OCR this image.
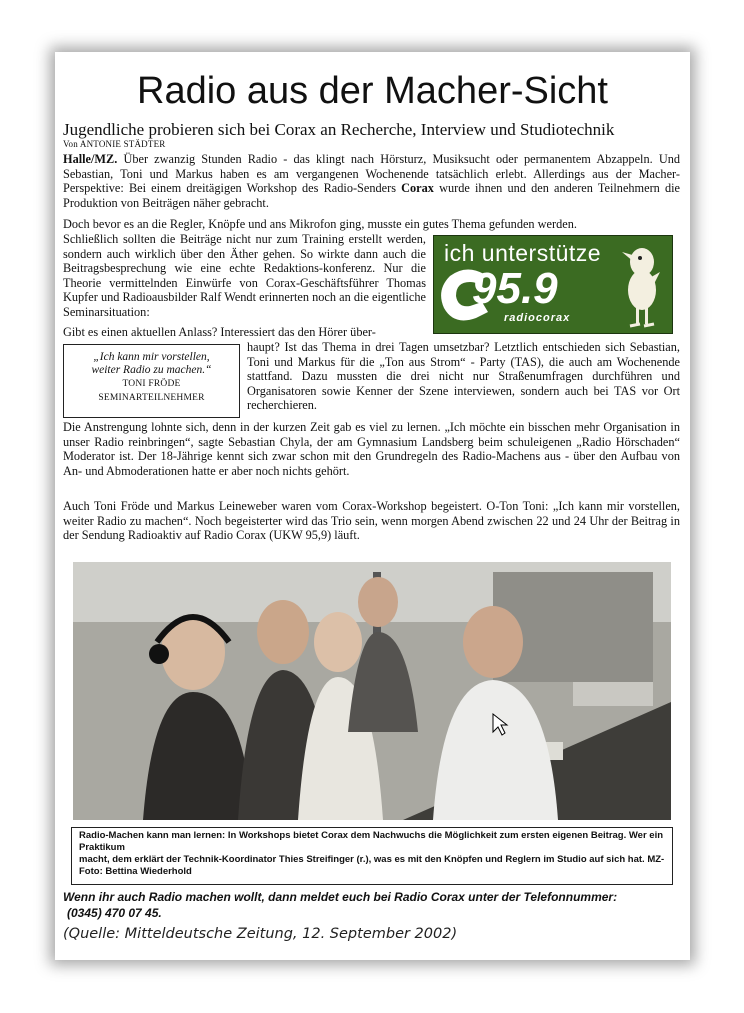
Radio aus der Macher-Sicht
Jugendliche probieren sich bei Corax an Recherche, Interview und Studiotechnik
Von ANTONIE STÄDTER

Halle/MZ. Über zwanzig Stunden Radio - das klingt nach Hörsturz, Musiksucht oder permanentem Abzappeln. Und Sebastian, Toni und Markus haben es am vergangenen Wochenende tatsächlich erlebt. Allerdings aus der Macher-Perspektive: Bei einem dreitägigen Workshop des Radio-Senders Corax wurde ihnen und den anderen Teilnehmern die Produktion von Beiträgen näher gebracht.

Doch bevor es an die Regler, Knöpfe und ans Mikrofon ging, musste ein gutes Thema gefunden werden.

Schließlich sollten die Beiträge nicht nur zum Training erstellt werden, sondern auch wirklich über den Äther gehen. So wirkte dann auch die Beitragsbesprechung wie eine echte Redaktions-konferenz. Nur die Theorie vermittelnden Einwürfe von Corax-Geschäftsführer Thomas Kupfer und Radioausbilder Ralf Wendt erinnerten noch an die eigentliche Seminarsituation:

ich unterstütze
95.9
radiocorax

Gibt es einen aktuellen Anlass? Interessiert das den Hörer über-

„Ich kann mir vorstellen,
weiter Radio zu machen.“
TONI FRÖDE
SEMINARTEILNEHMER

haupt? Ist das Thema in drei Tagen umsetzbar? Letztlich entschieden sich Sebastian, Toni und Markus für die „Ton aus Strom“ - Party (TAS), die auch am Wochenende stattfand. Dazu mussten die drei nicht nur Straßenumfragen durchführen und Organisatoren sowie Kenner der Szene interviewen, sondern auch bei TAS vor Ort recherchieren.

Die Anstrengung lohnte sich, denn in der kurzen Zeit gab es viel zu lernen. „Ich möchte ein bisschen mehr Organisation in unser Radio reinbringen“, sagte Sebastian Chyla, der am Gymnasium Landsberg beim schuleigenen „Radio Hörschaden“ Moderator ist. Der 18-Jährige kennt sich zwar schon mit den Grundregeln des Radio-Machens aus - über den Aufbau von An- und Abmoderationen hatte er aber noch nichts gehört.

Auch Toni Fröde und Markus Leineweber waren vom Corax-Workshop begeistert. O-Ton Toni: „Ich kann mir vorstellen, weiter Radio zu machen“. Noch begeisterter wird das Trio sein, wenn morgen Abend zwischen 22 und 24 Uhr der Beitrag in der Sendung Radioaktiv auf Radio Corax (UKW 95,9) läuft.

Radio-Machen kann man lernen: In Workshops bietet Corax dem Nachwuchs die Möglichkeit zum ersten eigenen Beitrag. Wer ein Praktikum
macht, dem erklärt der Technik-Koordinator Thies Streifinger (r.), was es mit den Knöpfen und Reglern im Studio auf sich hat. MZ-Foto: Bettina Wiederhold
Wenn ihr auch Radio machen wollt, dann meldet euch bei Radio Corax unter der Telefonnummer:
(0345) 470 07 45.
(Quelle: Mitteldeutsche Zeitung, 12. September 2002)
